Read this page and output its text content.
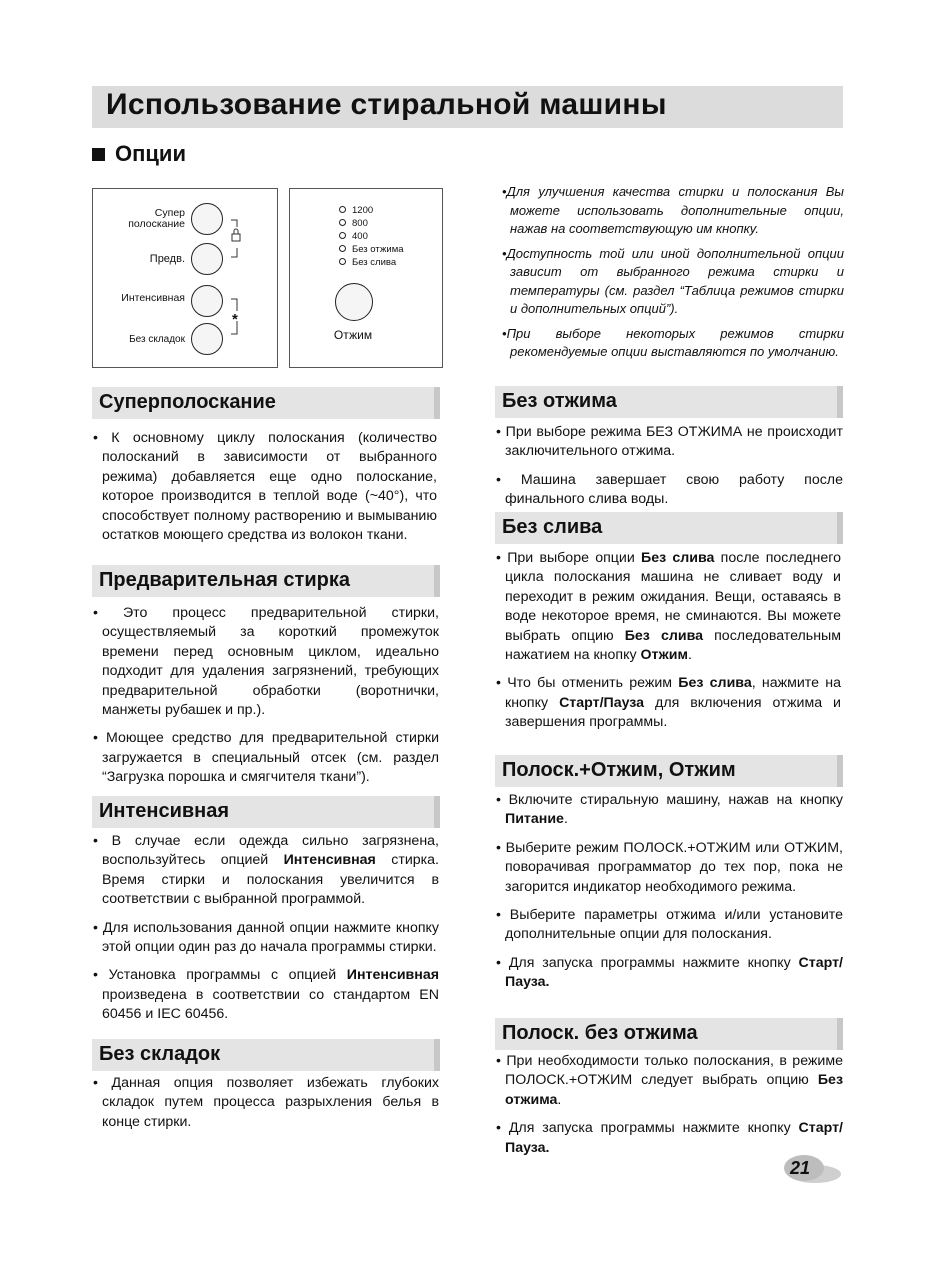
Использование стиральной машины
Опции
Супер полоскание
Предв.
Интенсивная
Без складок
*
1200
800
400
Без отжима
Без слива
Отжим

•Для улучшения качества стирки и полоскания Вы можете использовать дополнительные опции, нажав на соответствующую им кнопку.

•Доступность той или иной дополнительной опции зависит от выбранного режима стирки и температуры (см. раздел “Таблица режимов стирки и дополнительных опций”).

•При выборе некоторых режимов стирки рекомендуемые опции выставляются по умолчанию.

Суперполоскание

• К основному циклу полоскания (количество полосканий в зависимости от выбранного режима) добавляется еще одно полоскание, которое производится в теплой воде (~40°), что способствует полному растворению и вымыванию остатков моющего средства из волокон ткани.

Предварительная стирка

• Это процесс предварительной стирки, осуществляемый за короткий промежуток времени перед основным циклом, идеально подходит для удаления загрязнений, требующих предварительной обработки (воротнички, манжеты рубашек и пр.).

• Моющее средство для предварительной стирки загружается в специальный отсек (см. раздел “Загрузка порошка и смягчителя ткани”).

Интенсивная

• В случае если одежда сильно загрязнена, воспользуйтесь опцией Интенсивная стирка. Время стирки и полоскания увеличится в соответствии с выбранной программой.

• Для использования данной опции нажмите кнопку этой опции один раз до начала программы стирки.

• Установка программы с опцией Интенсивная произведена в соответствии со стандартом EN 60456 и IEC 60456.

Без складок

• Данная опция позволяет избежать глубоких складок путем процесса разрыхления белья в конце стирки.

Без отжима

• При выборе режима БЕЗ ОТЖИМА не происходит заключительного отжима.

• Машина завершает свою работу после финального слива воды.

Без слива

• При выборе опции Без слива после последнего цикла полоскания машина не сливает воду и переходит в режим ожидания. Вещи, оставаясь в воде некоторое время, не сминаются. Вы можете выбрать опцию Без слива последовательным нажатием на кнопку Отжим.

• Что бы отменить режим Без слива, нажмите на кнопку Старт/Пауза для включения отжима и завершения программы.

Полоск.+Отжим, Отжим

• Включите стиральную машину, нажав на кнопку Питание.

• Выберите режим ПОЛОСК.+ОТЖИМ или ОТЖИМ, поворачивая программатор до тех пор, пока не загорится индикатор необходимого режима.

• Выберите параметры отжима и/или установите дополнительные опции для полоскания.

• Для запуска программы нажмите кнопку Старт/Пауза.

Полоск. без отжима

• При необходимости только полоскания, в режиме ПОЛОСК.+ОТЖИМ следует выбрать опцию Без отжима.

• Для запуска программы нажмите кнопку Старт/Пауза.

21
